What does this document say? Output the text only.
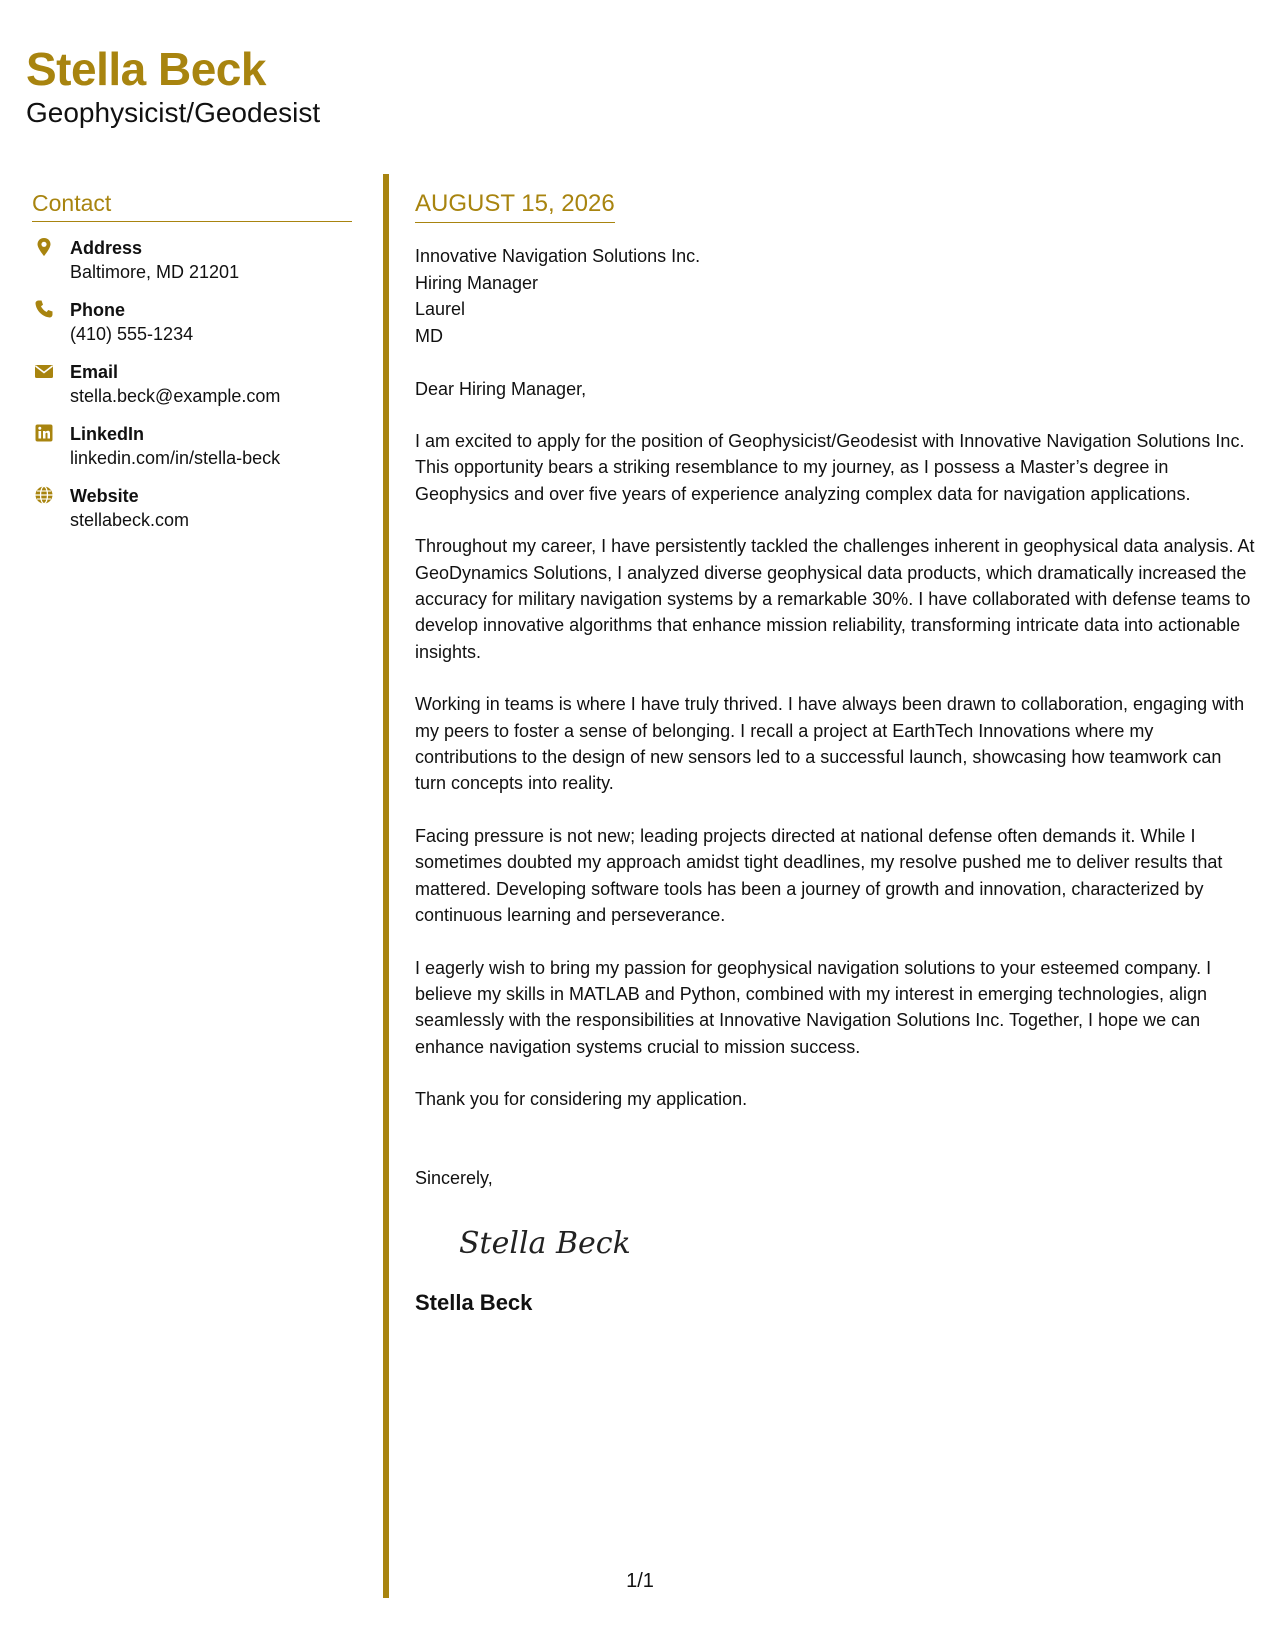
Stella Beck
Geophysicist/Geodesist
Contact
Address
Baltimore, MD 21201
Phone
(410) 555-1234
Email
stella.beck@example.com
LinkedIn
linkedin.com/in/stella-beck
Website
stellabeck.com
AUGUST 15, 2026
Innovative Navigation Solutions Inc.
Hiring Manager
Laurel
MD
Dear Hiring Manager,
I am excited to apply for the position of Geophysicist/Geodesist with Innovative Navigation Solutions Inc. This opportunity bears a striking resemblance to my journey, as I possess a Master’s degree in Geophysics and over five years of experience analyzing complex data for navigation applications.
Throughout my career, I have persistently tackled the challenges inherent in geophysical data analysis. At GeoDynamics Solutions, I analyzed diverse geophysical data products, which dramatically increased the accuracy for military navigation systems by a remarkable 30%. I have collaborated with defense teams to develop innovative algorithms that enhance mission reliability, transforming intricate data into actionable insights.
Working in teams is where I have truly thrived. I have always been drawn to collaboration, engaging with my peers to foster a sense of belonging. I recall a project at EarthTech Innovations where my contributions to the design of new sensors led to a successful launch, showcasing how teamwork can turn concepts into reality.
Facing pressure is not new; leading projects directed at national defense often demands it. While I sometimes doubted my approach amidst tight deadlines, my resolve pushed me to deliver results that mattered. Developing software tools has been a journey of growth and innovation, characterized by continuous learning and perseverance.
I eagerly wish to bring my passion for geophysical navigation solutions to your esteemed company. I believe my skills in MATLAB and Python, combined with my interest in emerging technologies, align seamlessly with the responsibilities at Innovative Navigation Solutions Inc. Together, I hope we can enhance navigation systems crucial to mission success.
Thank you for considering my application.
Sincerely,
Stella Beck
Stella Beck
1/1
